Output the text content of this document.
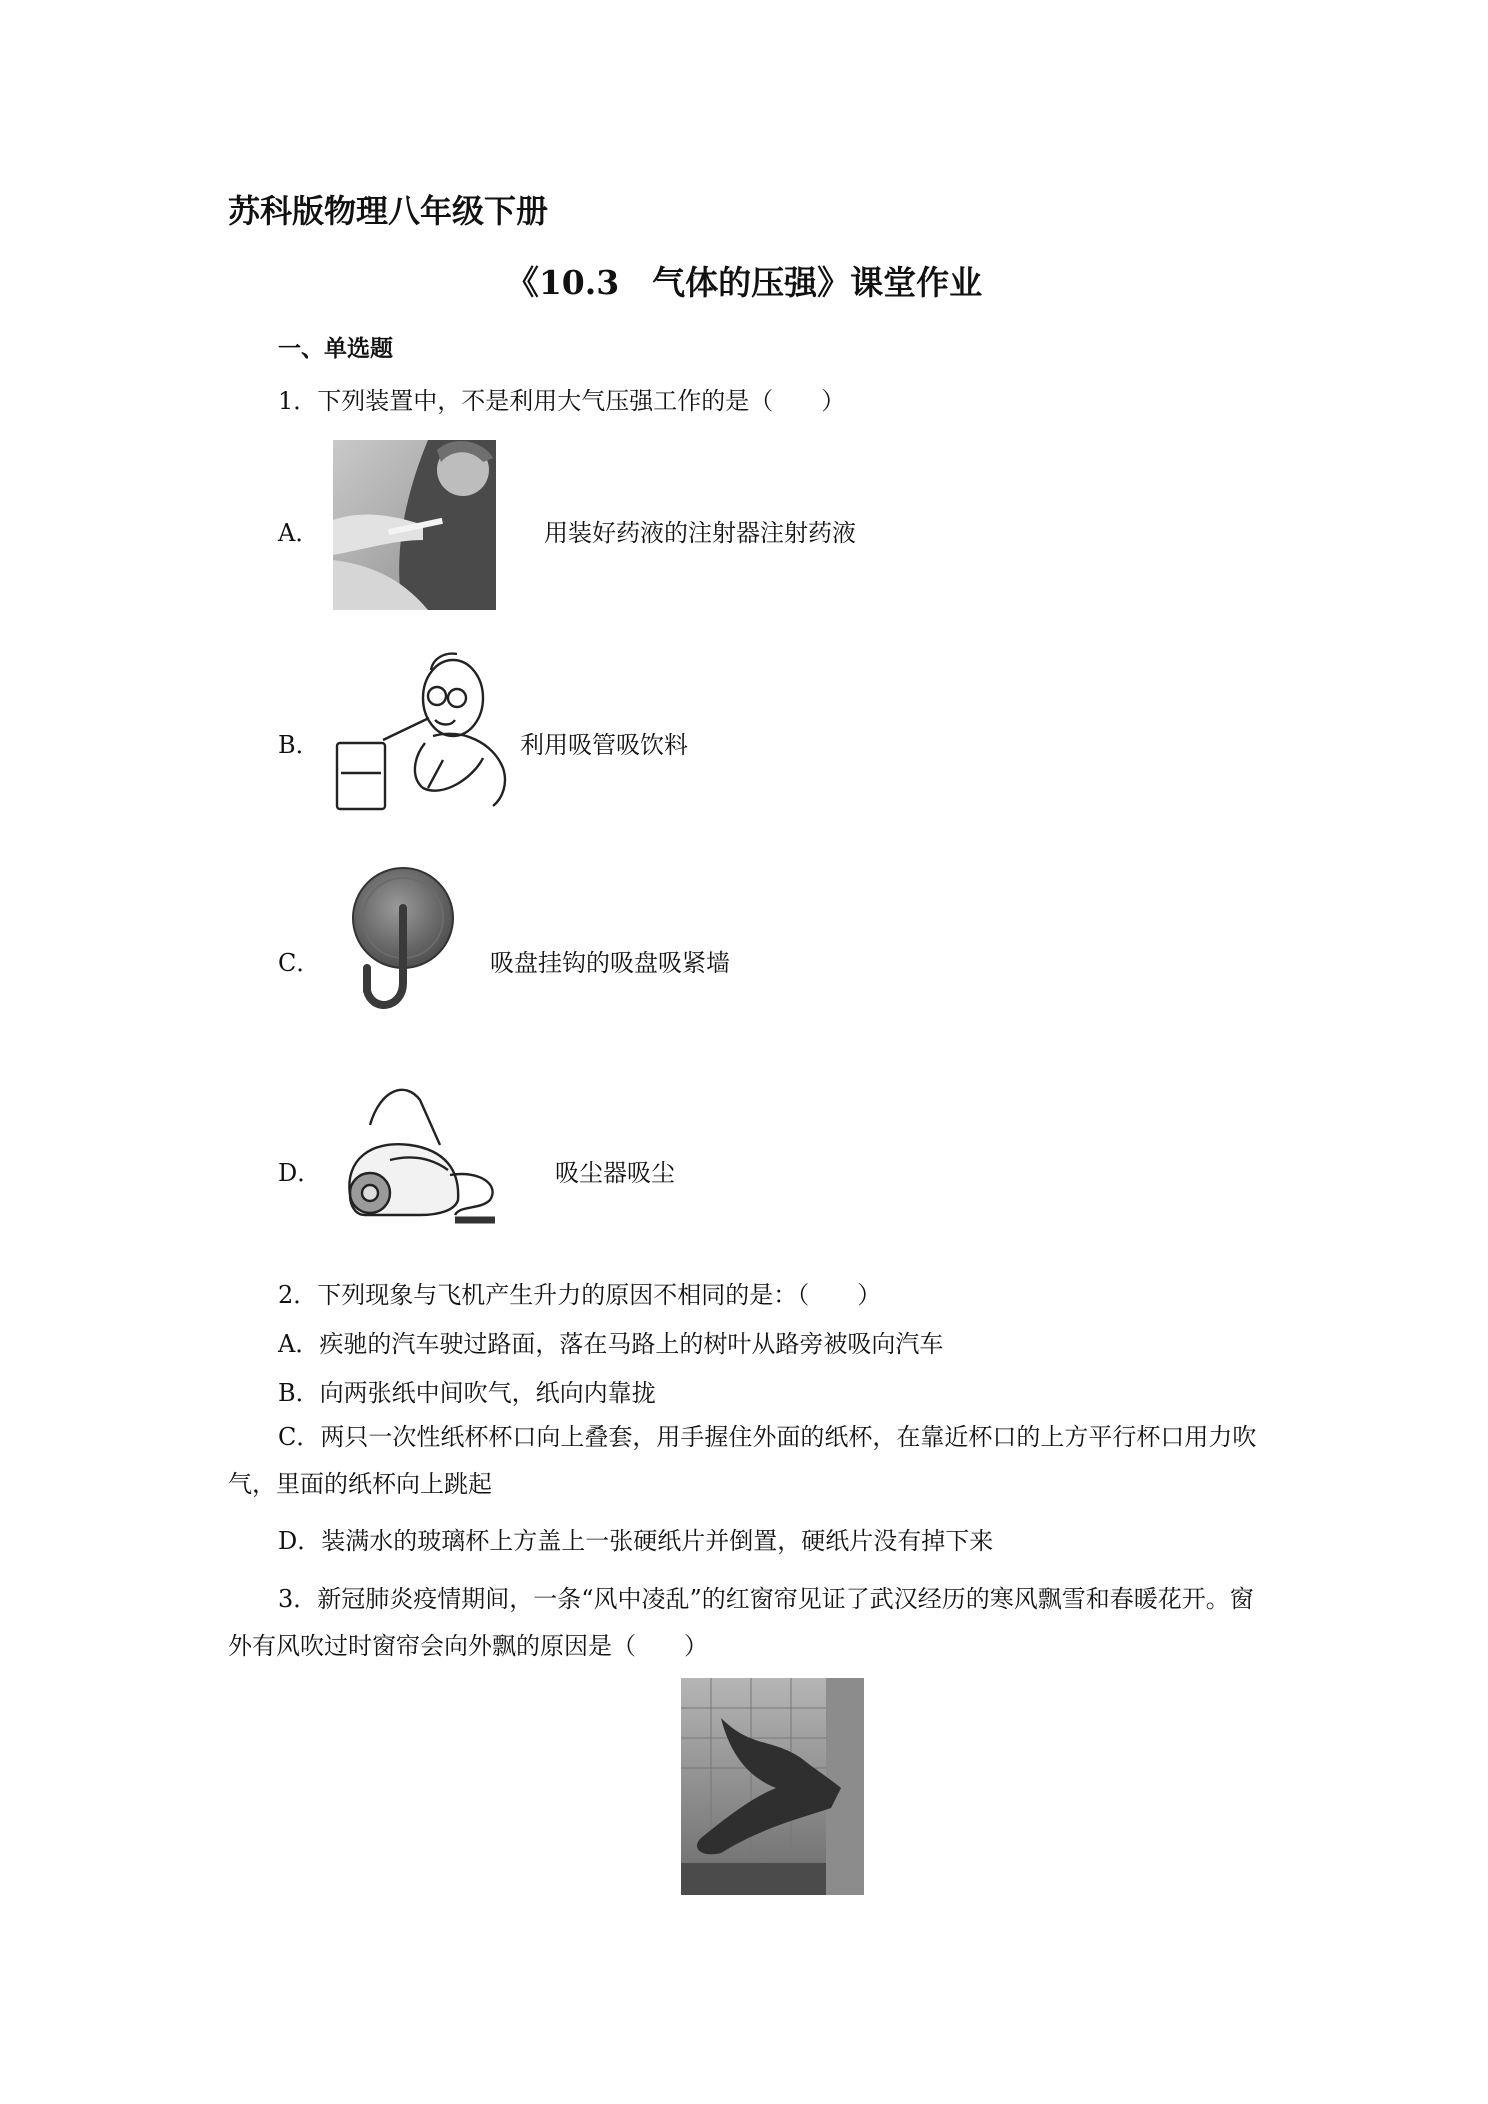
苏科版物理八年级下册
《10.3　气体的压强》课堂作业
一、单选题
1．下列装置中，不是利用大气压强工作的是（　　）
A．	用装好药液的注射器注射药液
B．	利用吸管吸饮料
C．	吸盘挂钩的吸盘吸紧墙
D．	吸尘器吸尘
2．下列现象与飞机产生升力的原因不相同的是：（　　）
A．疾驰的汽车驶过路面，落在马路上的树叶从路旁被吸向汽车
B．向两张纸中间吹气，纸向内靠拢
C．两只一次性纸杯杯口向上叠套，用手握住外面的纸杯，在靠近杯口的上方平行杯口用力吹气，里面的纸杯向上跳起
D．装满水的玻璃杯上方盖上一张硬纸片并倒置，硬纸片没有掉下来
3．新冠肺炎疫情期间，一条“风中凌乱”的红窗帘见证了武汉经历的寒风飘雪和春暖花开。窗外有风吹过时窗帘会向外飘的原因是（　　）
